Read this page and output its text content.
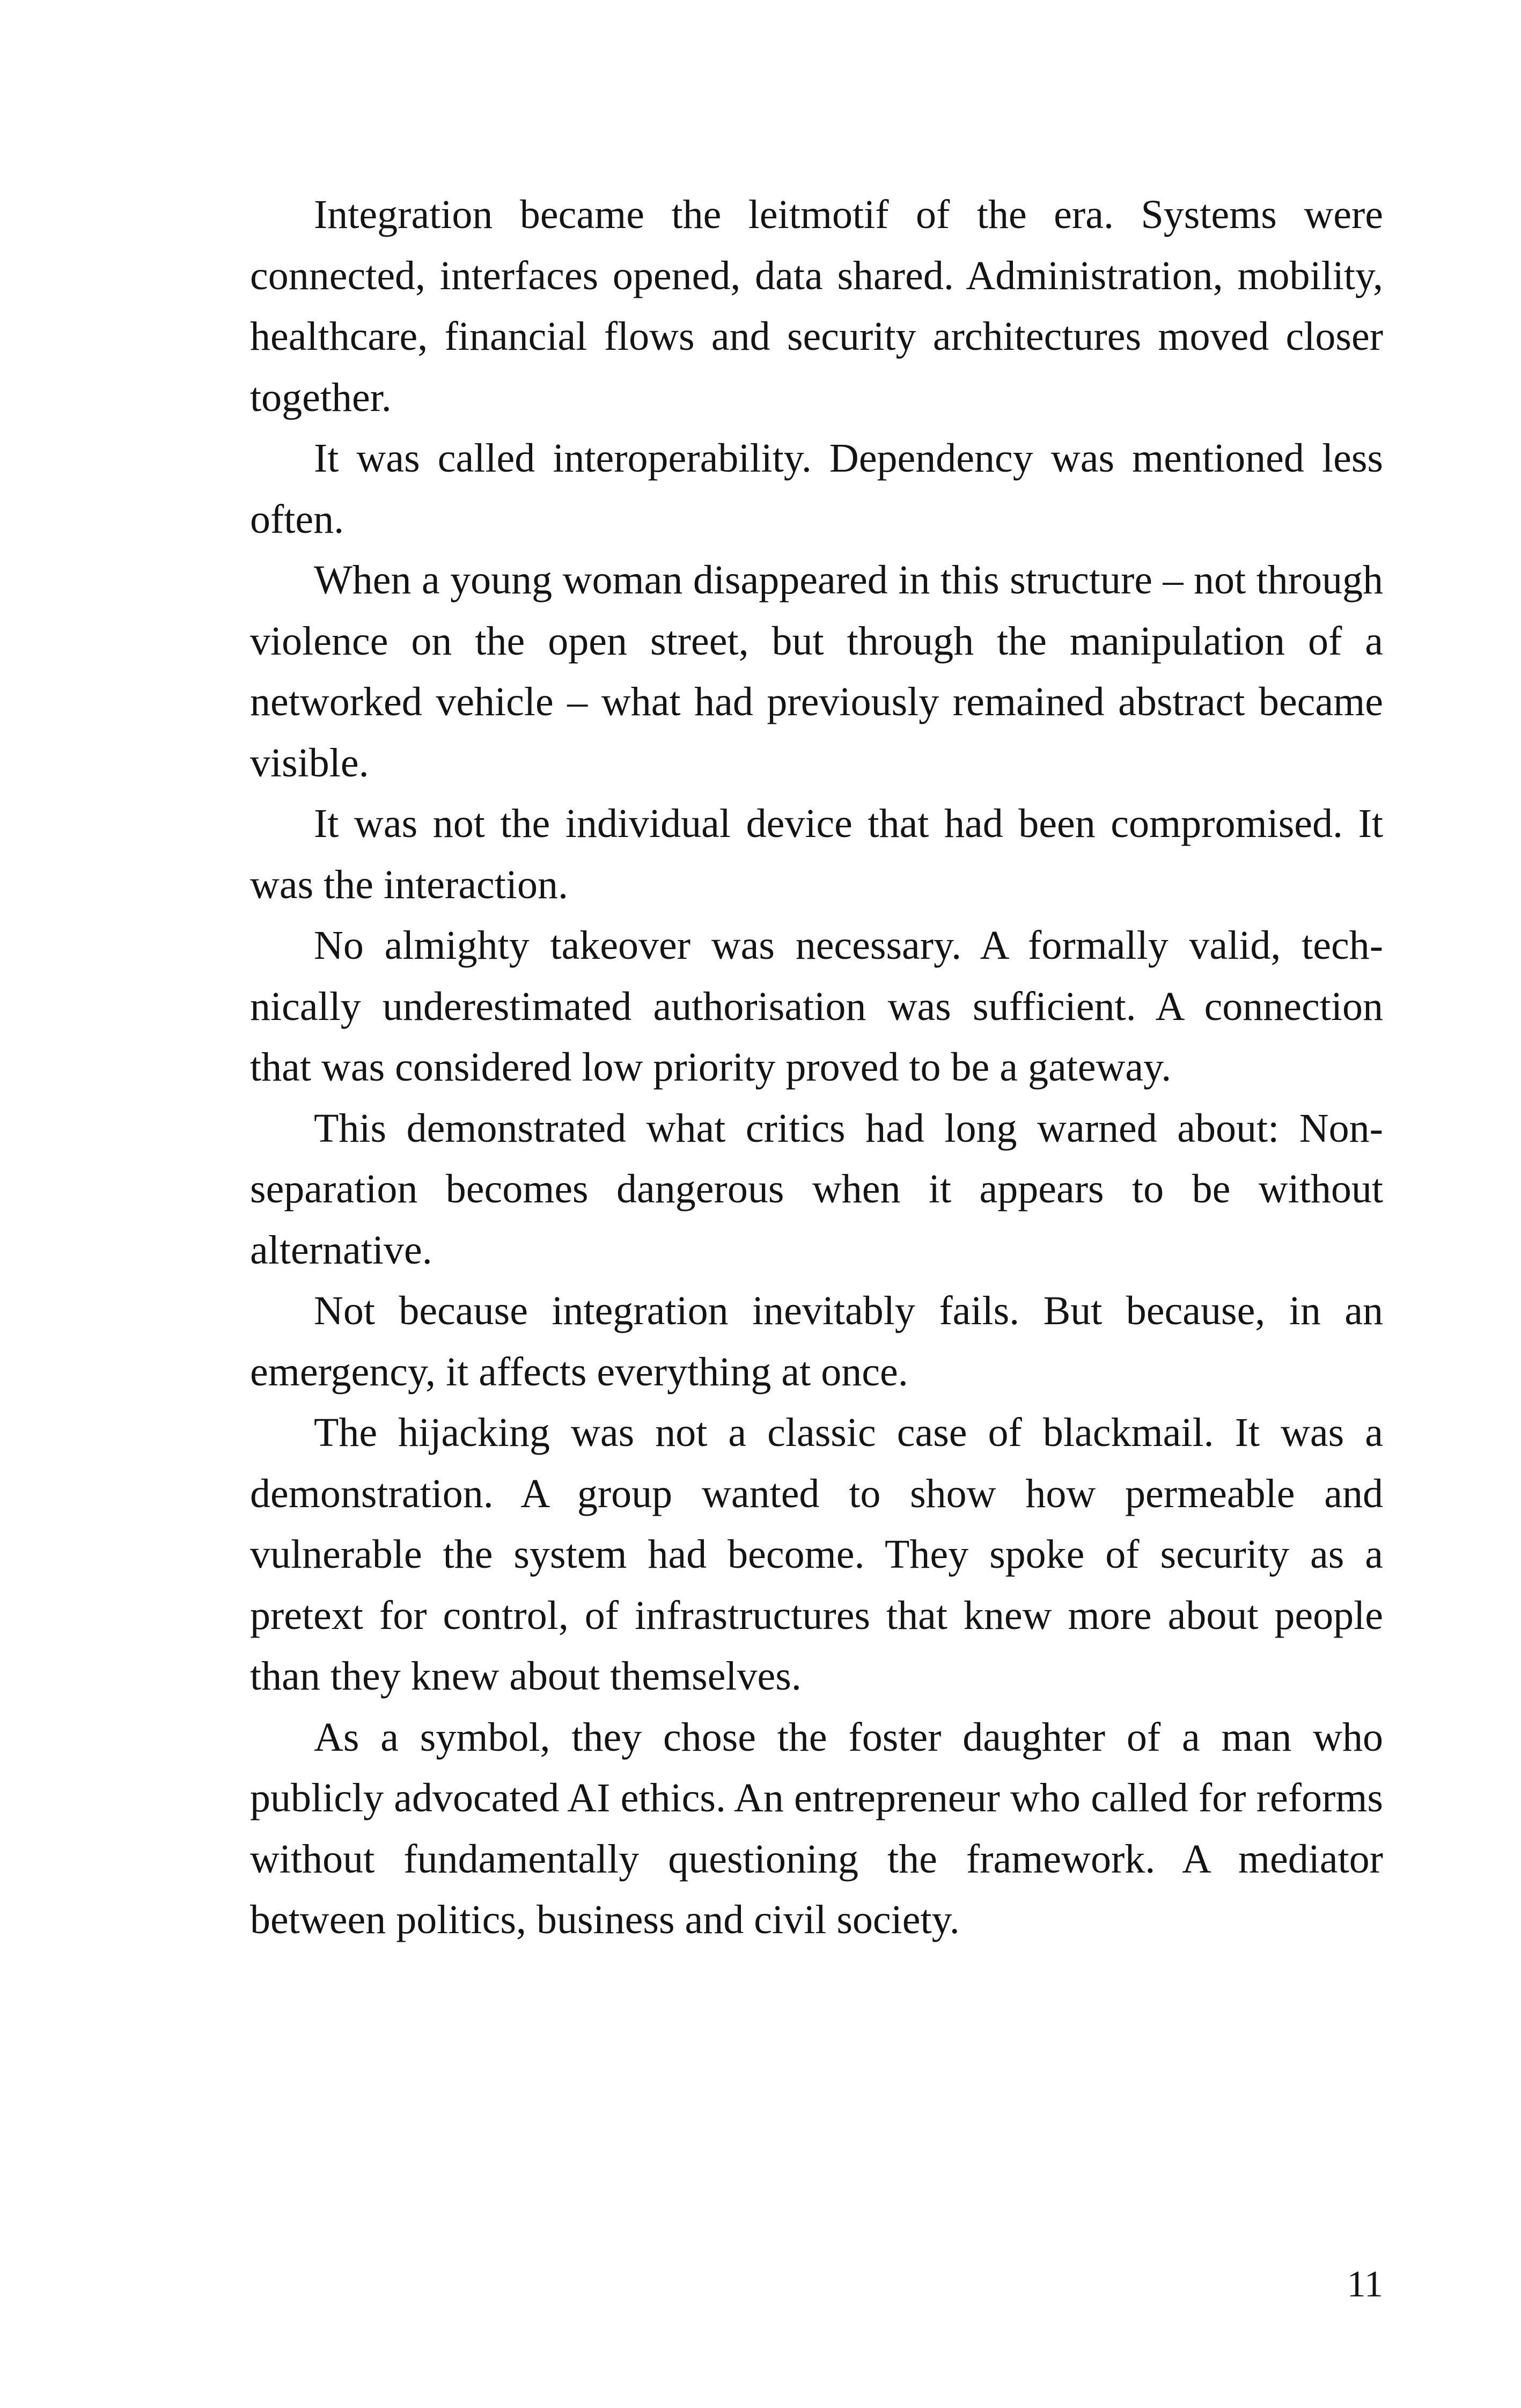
Integration became the leitmotif of the era. Systems were connected, interfaces opened, data shared. Administration, mobility, healthcare, financial flows and security architectures moved closer together.

It was called interoperability. Dependency was mentioned less often.

When a young woman disappeared in this structure – not through violence on the open street, but through the manipulation of a networked vehicle – what had previously remained abstract became visible.

It was not the individual device that had been compromised. It was the interaction.

No almighty takeover was necessary. A formally valid, technically underestimated authorisation was sufficient. A connection that was considered low priority proved to be a gateway.

This demonstrated what critics had long warned about: Non-separation becomes dangerous when it appears to be without alternative.

Not because integration inevitably fails. But because, in an emergency, it affects everything at once.

The hijacking was not a classic case of blackmail. It was a demonstration. A group wanted to show how permeable and vulnerable the system had become. They spoke of security as a pretext for control, of infrastructures that knew more about people than they knew about themselves.

As a symbol, they chose the foster daughter of a man who publicly advocated AI ethics. An entrepreneur who called for reforms without fundamentally questioning the framework. A mediator between politics, business and civil society.

11
